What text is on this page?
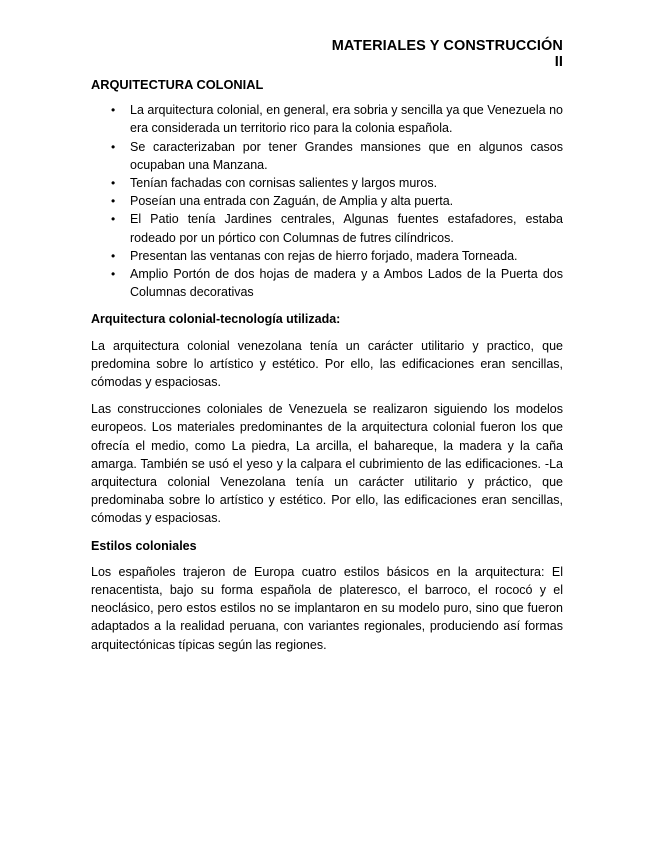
MATERIALES Y CONSTRUCCIÓN II
ARQUITECTURA COLONIAL
• La arquitectura colonial, en general, era sobria y sencilla ya que Venezuela no era considerada un territorio rico para la colonia española.
• Se caracterizaban por tener Grandes mansiones que en algunos casos ocupaban una Manzana.
• Tenían fachadas con cornisas salientes y largos muros.
• Poseían una entrada con Zaguán, de Amplia y alta puerta.
• El Patio tenía Jardines centrales, Algunas fuentes estafadores, estaba rodeado por un pórtico con Columnas de futres cilíndricos.
• Presentan las ventanas con rejas de hierro forjado, madera Torneada.
• Amplio Portón de dos hojas de madera y a Ambos Lados de la Puerta dos Columnas decorativas
Arquitectura colonial-tecnología utilizada:

La arquitectura colonial venezolana tenía un carácter utilitario y practico, que predomina sobre lo artístico y estético. Por ello, las edificaciones eran sencillas, cómodas y espaciosas.

Las construcciones coloniales de Venezuela se realizaron siguiendo los modelos europeos. Los materiales predominantes de la arquitectura colonial fueron los que ofrecía el medio, como La piedra, La arcilla, el bahareque, la madera y la caña amarga. También se usó el yeso y la calpara el cubrimiento de las edificaciones. -La arquitectura colonial Venezolana tenía un carácter utilitario y práctico, que predominaba sobre lo artístico y estético. Por ello, las edificaciones eran sencillas, cómodas y espaciosas.

Estilos coloniales

Los españoles trajeron de Europa cuatro estilos básicos en la arquitectura: El renacentista, bajo su forma española de plateresco, el barroco, el rococó y el neoclásico, pero estos estilos no se implantaron en su modelo puro, sino que fueron adaptados a la realidad peruana, con variantes regionales, produciendo así formas arquitectónicas típicas según las regiones.
